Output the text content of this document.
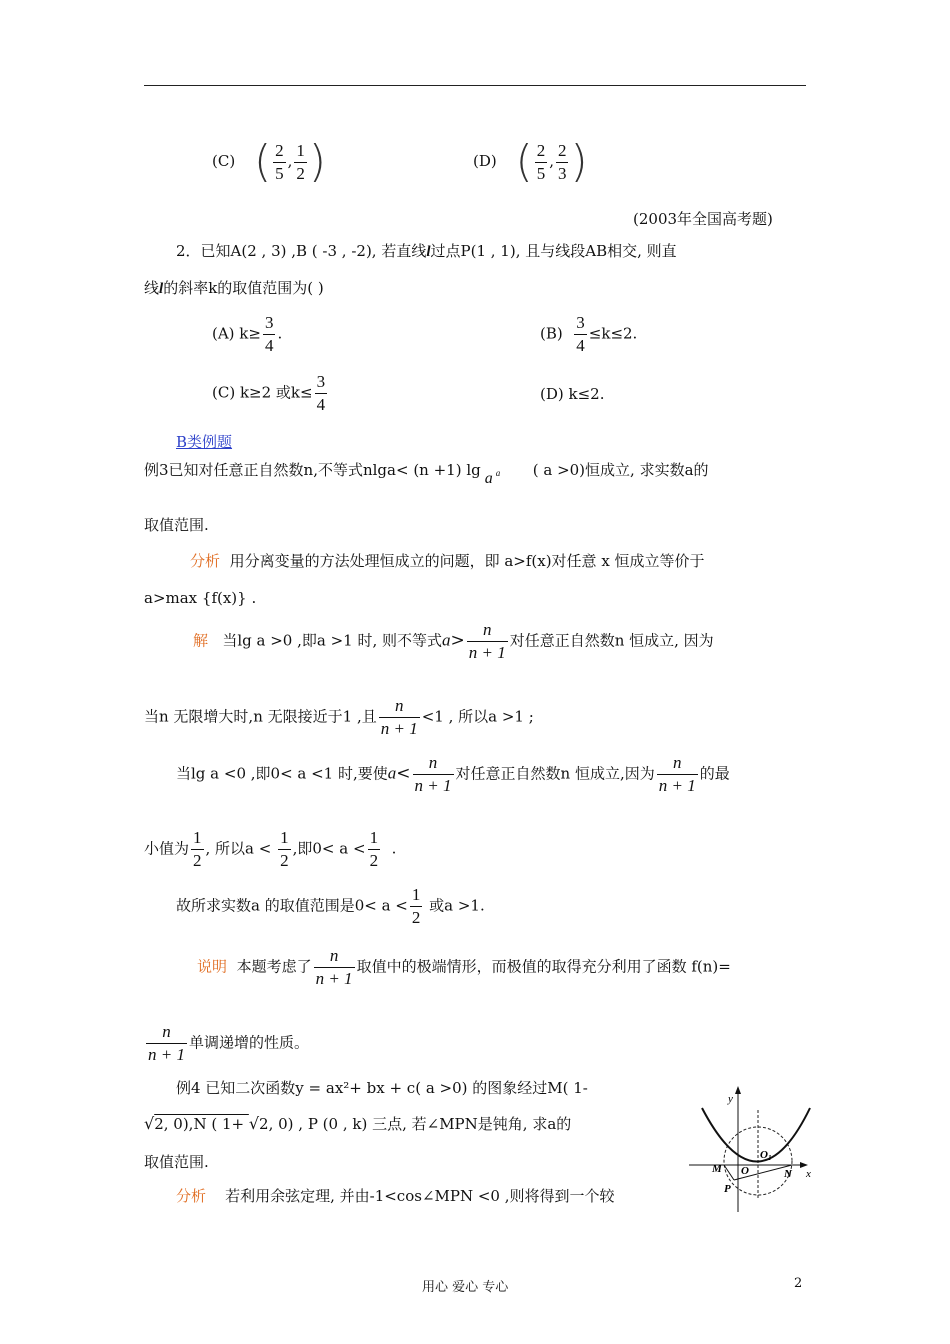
(C) ( $\frac{2}{5}$ , $\frac{1}{2}$ )	(D) ( $\frac{2}{5}$ , $\frac{2}{3}$ )
(2003年全国高考题)
2．已知A(2 , 3) ,B ( -3 , -2), 若直线l过点P(1 , 1), 且与线段AB相交, 则直
线l的斜率k的取值范围为( )
(A) $k\ge \frac{3}{4}$ .	$(B) \frac{3}{4} \le k\le 2$.
(C) k≥2 或$k\le \frac{3}{4}$	(D) k≤2.
B类例题
例3已知对任意正自然数n,不等式nlga< (n +1) lg a a ( a >0)恒成立, 求实数a的
取值范围.
分析 用分离变量的方法处理恒成立的问题，即 a>f(x)对任意 x 恒成立等价于
a>max {f(x)} .
解 当lg a >0 ,即a >1 时, 则不等式$a> \frac{n}{n + 1}$ 对任意正自然数n 恒成立, 因为
当n 无限增大时,n 无限接近于1 ,且 $\frac{n}{n + 1} <1$ , 所以a >1 ;
当lg a <0 ,即0< a <1 时,要使$a< \frac{n}{n + 1}$ 对任意正自然数n 恒成立,因为 $\frac{n}{n + 1}$ 的最
小值为 $\frac{1}{2}$ , 所以$a < \frac{1}{2}$ ,即$0< a < \frac{1}{2}$ .
故所求实数a 的取值范围是$0< a < \frac{1}{2}$ 或a >1.
说明 本题考虑了 $\frac{n}{n + 1}$ 取值中的极端情形，而极值的取得充分利用了函数 f(n)=
$\frac{n}{n + 1}$ 单调递增的性质。
例4 已知二次函数y = ax²+ bx + c( a >0) 的图象经过M( 1-
√2, 0),N ( 1+ √2, 0) , P (0 , k) 三点, 若∠MPN是钝角, 求a的
取值范围.
分析 若利用余弦定理, 并由-1<cos∠MPN <0 ,则将得到一个较
y
x
M O
O1
N
P
用心 爱心 专心	2
